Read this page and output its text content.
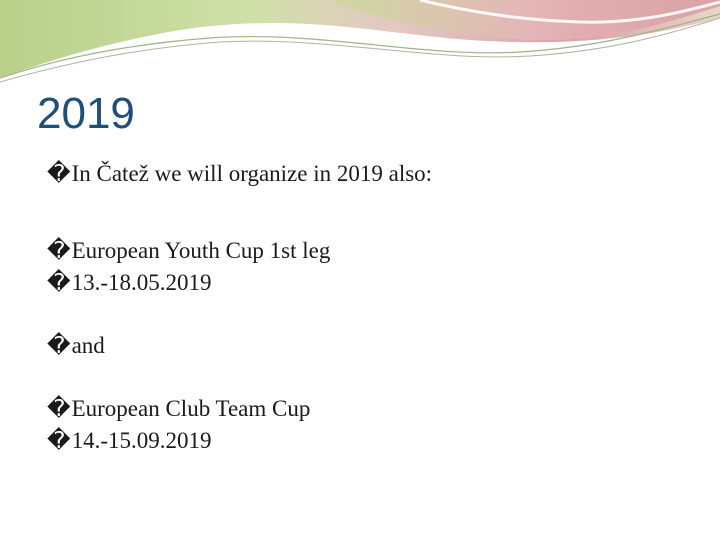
2019
�In Čatež we will organize in 2019 also:
�European Youth Cup 1st leg
�13.-18.05.2019
�and
�European Club Team Cup
�14.-15.09.2019
